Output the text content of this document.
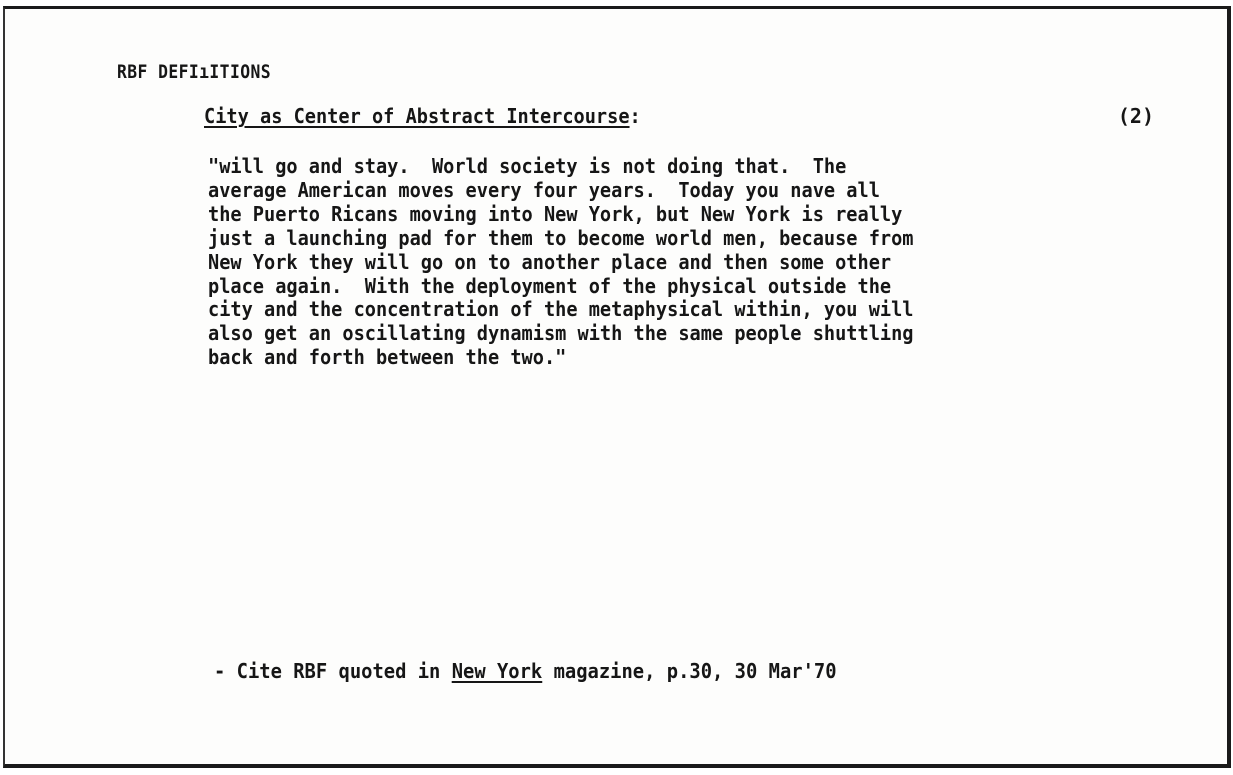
RBF DEFIıITIONS
City as Center of Abstract Intercourse:	(2)
"will go and stay.  World society is not doing that.  The
average American moves every four years.  Today you nave all
the Puerto Ricans moving into New York, but New York is really
just a launching pad for them to become world men, because from
New York they will go on to another place and then some other
place again.  With the deployment of the physical outside the
city and the concentration of the metaphysical within, you will
also get an oscillating dynamism with the same people shuttling
back and forth between the two."
- Cite RBF quoted in New York magazine, p.30, 30 Mar'70
